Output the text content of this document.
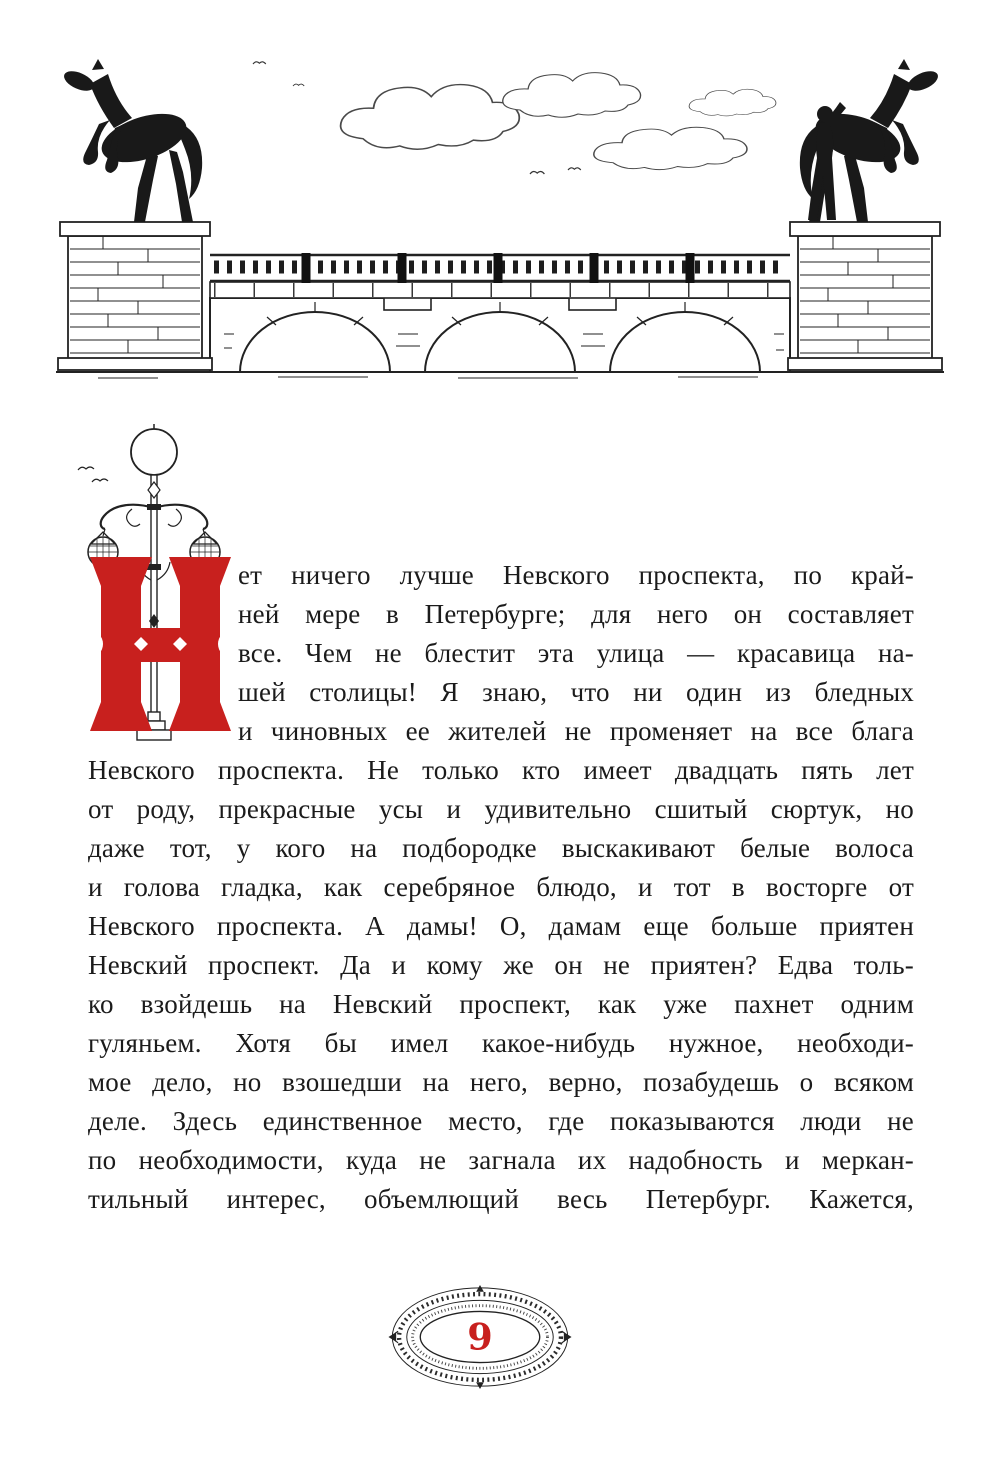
ет ничего лучше Невского проспекта, по край-
ней мере в Петербурге; для него он составляет
все. Чем не блестит эта улица — красавица на-
шей столицы! Я знаю, что ни один из бледных
и чиновных ее жителей не променяет на все блага
Невского проспекта. Не только кто имеет двадцать пять лет
от роду, прекрасные усы и удивительно сшитый сюртук, но
даже тот, у кого на подбородке выскакивают белые волоса
и голова гладка, как серебряное блюдо, и тот в восторге от
Невского проспекта. А дамы! О, дамам еще больше приятен
Невский проспект. Да и кому же он не приятен? Едва толь-
ко взойдешь на Невский проспект, как уже пахнет одним
гуляньем. Хотя бы имел какое-нибудь нужное, необходи-
мое дело, но взошедши на него, верно, позабудешь о всяком
деле. Здесь единственное место, где показываются люди не
по необходимости, куда не загнала их надобность и меркан-
тильный интерес, объемлющий весь Петербург. Кажется,
9
